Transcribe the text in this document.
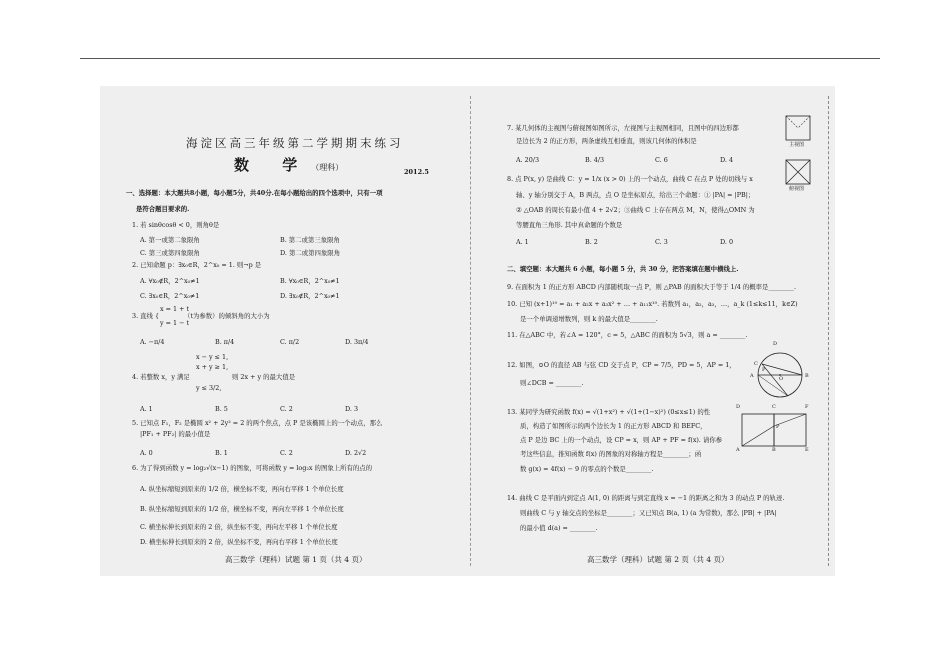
海淀区高三年级第二学期期末练习
数 学（理科）	2012.5
一、选择题：本大题共8小题，每小题5分，共40分.在每小题给出的四个选项中，只有一项
是符合题目要求的.
1. 若 sinθcosθ < 0，则角θ是
A. 第一或第二象限角	B. 第二或第三象限角
C. 第三或第四象限角	D. 第二或第四象限角
2. 已知命题 p：∃x₀∈R，2^x₀ = 1. 则¬p 是
A. ∀x₀∉R，2^x₀≠1	B. ∀x₀∈R，2^x₀≠1
C. ∃x₀∈R，2^x₀≠1	D. ∃x₀∉R，2^x₀≠1
x = 1 + t
3. 直线 {	（t为参数）的倾斜角的大小为
y = 1 − t
A. −π/4	B. π/4	C. π/2	D. 3π/4
x − y ≤ 1,
x + y ≥ 1,
4. 若整数 x，y 满足	则 2x + y 的最大值是
y ≤ 3/2,
A. 1	B. 5	C. 2	D. 3
5. 已知点 F₁，F₂ 是椭圆 x² + 2y² = 2 的两个焦点，点 P 是该椭圆上的一个动点，那么
|PF₁ + PF₂| 的最小值是
A. 0	B. 1	C. 2	D. 2√2
6. 为了得到函数 y = log₂√(x−1) 的图象，可将函数 y = log₂x 的图象上所有的点的
A. 纵坐标缩短到原来的 1/2 倍，横坐标不变，再向右平移 1 个单位长度
B. 纵坐标缩短到原来的 1/2 倍，横坐标不变，再向左平移 1 个单位长度
C. 横坐标伸长到原来的 2 倍，纵坐标不变，再向左平移 1 个单位长度
D. 横坐标伸长到原来的 2 倍，纵坐标不变，再向右平移 1 个单位长度
高三数学（理科）试题 第 1 页（共 4 页）
7. 某几何体的主视图与俯视图如图所示，左视图与主视图相同，且图中的四边形都
是边长为 2 的正方形，两条虚线互相垂直，则该几何体的体积是
A. 20/3	B. 4/3	C. 6	D. 4
主视图
俯视图
8. 点 P(x, y) 是曲线 C：y = 1/x (x > 0) 上的一个动点，曲线 C 在点 P 处的切线与 x
轴、y 轴分别交于 A，B 两点，点 O 是坐标原点，给出三个命题：① |PA| = |PB|；
② △OAB 的周长有最小值 4 + 2√2；③曲线 C 上存在两点 M，N，使得△OMN 为
等腰直角三角形. 其中真命题的个数是
A. 1	B. 2	C. 3	D. 0
二、填空题：本大题共 6 小题，每小题 5 分，共 30 分，把答案填在题中横线上.
9. 在面积为 1 的正方形 ABCD 内部随机取一点 P，则 △PAB 的面积大于等于 1/4 的概率是________.
10. 已知 (x+1)¹⁰ = a₁ + a₂x + a₃x² + … + a₁₁x¹⁰. 若数列 a₁，a₂，a₃，…，a_k (1≤k≤11，k∈Z)
是一个单调递增数列，则 k 的最大值是________.
11. 在△ABC 中，若∠A = 120°，c = 5，△ABC 的面积为 5√3，则 a = ________.
12. 如图，⊙O 的直径 AB 与弦 CD 交于点 P，CP = 7/5，PD = 5，AP = 1，
则∠DCB = ________.
D
C
A
P
O	B
13. 某同学为研究函数 f(x) = √(1+x²) + √(1+(1−x)²) (0≤x≤1) 的性
质，构造了如图所示的两个边长为 1 的正方形 ABCD 和 BEFC，
点 P 是边 BC 上的一个动点，设 CP = x，则 AP + PF = f(x). 请你参
考这些信息，推知函数 f(x) 的图象的对称轴方程是________；函
数 g(x) = 4f(x) − 9 的零点的个数是________.
D	C	F
P
A	B	E
14. 曲线 C 是平面内到定点 A(1, 0) 的距离与到定直线 x = −1 的距离之和为 3 的动点 P 的轨迹.
则曲线 C 与 y 轴交点的坐标是________；又已知点 B(a, 1) (a 为常数)，那么 |PB| + |PA|
的最小值 d(a) = ________.
高三数学（理科）试题 第 2 页（共 4 页）
